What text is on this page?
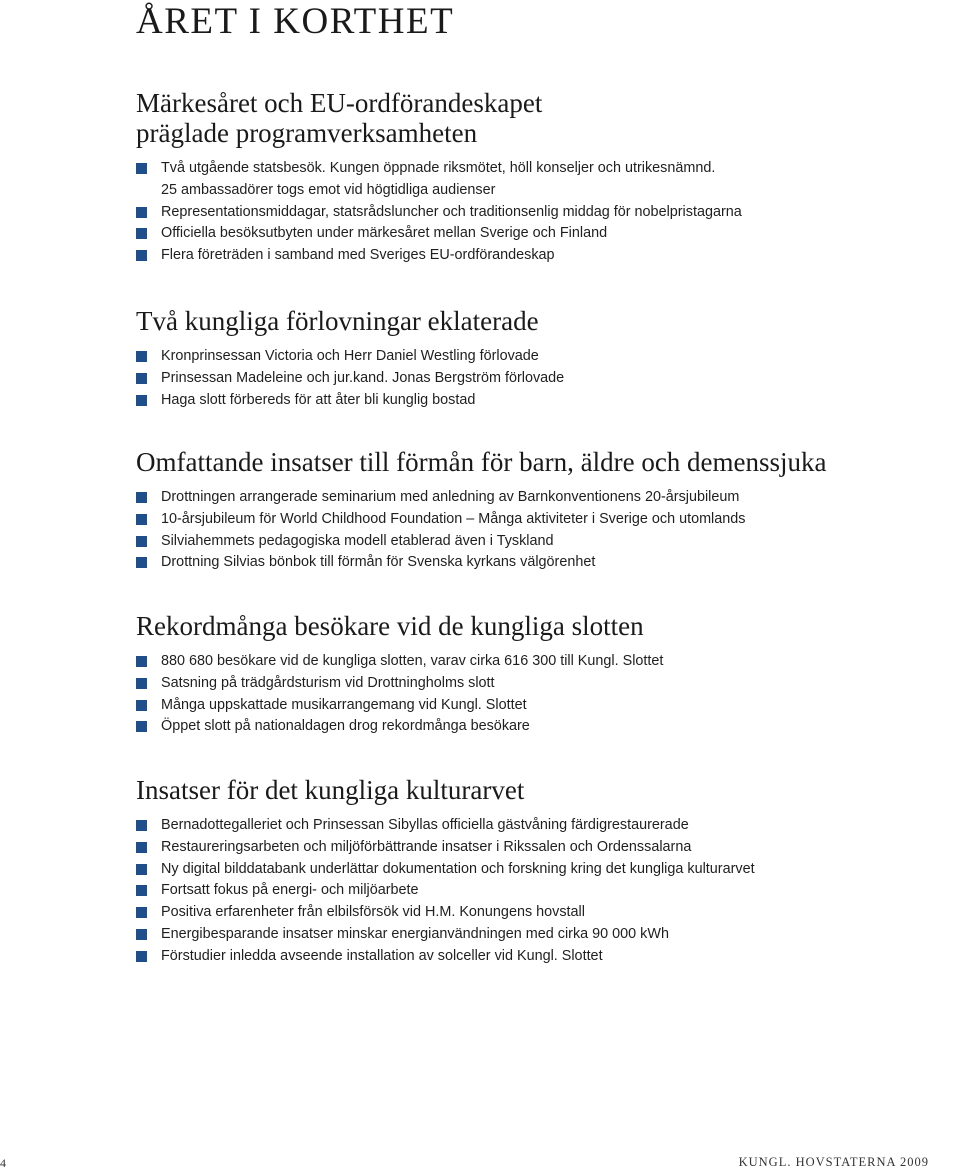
ÅRET I KORTHET
Märkesåret och EU-ordförandeskapet
präglade programverksamheten
Två utgående statsbesök. Kungen öppnade riksmötet, höll konseljer och utrikesnämnd.
25 ambassadörer togs emot vid högtidliga audienser
Representationsmiddagar, statsrådsluncher och traditionsenlig middag för nobelpristagarna
Officiella besöksutbyten under märkesåret mellan Sverige och Finland
Flera företräden i samband med Sveriges EU-ordförandeskap
Två kungliga förlovningar eklaterade
Kronprinsessan Victoria och Herr Daniel Westling förlovade
Prinsessan Madeleine och jur.kand. Jonas Bergström förlovade
Haga slott förbereds för att åter bli kunglig bostad
Omfattande insatser till förmån för barn, äldre och demenssjuka
Drottningen arrangerade seminarium med anledning av Barnkonventionens 20-årsjubileum
10-årsjubileum för World Childhood Foundation – Många aktiviteter i Sverige och utomlands
Silviahemmets pedagogiska modell etablerad även i Tyskland
Drottning Silvias bönbok till förmån för Svenska kyrkans välgörenhet
Rekordmånga besökare vid de kungliga slotten
880 680 besökare vid de kungliga slotten, varav cirka 616 300 till Kungl. Slottet
Satsning på trädgårdsturism vid Drottningholms slott
Många uppskattade musikarrangemang vid Kungl. Slottet
Öppet slott på nationaldagen drog rekordmånga besökare
Insatser för det kungliga kulturarvet
Bernadottegalleriet och Prinsessan Sibyllas officiella gästvåning färdigrestaurerade
Restaureringsarbeten och miljöförbättrande insatser i Rikssalen och Ordenssalarna
Ny digital bilddatabank underlättar dokumentation och forskning kring det kungliga kulturarvet
Fortsatt fokus på energi- och miljöarbete
Positiva erfarenheter från elbilsförsök vid H.M. Konungens hovstall
Energibesparande insatser minskar energianvändningen med cirka 90 000 kWh
Förstudier inledda avseende installation av solceller vid Kungl. Slottet
4	KUNGL. HOVSTATERNA 2009
